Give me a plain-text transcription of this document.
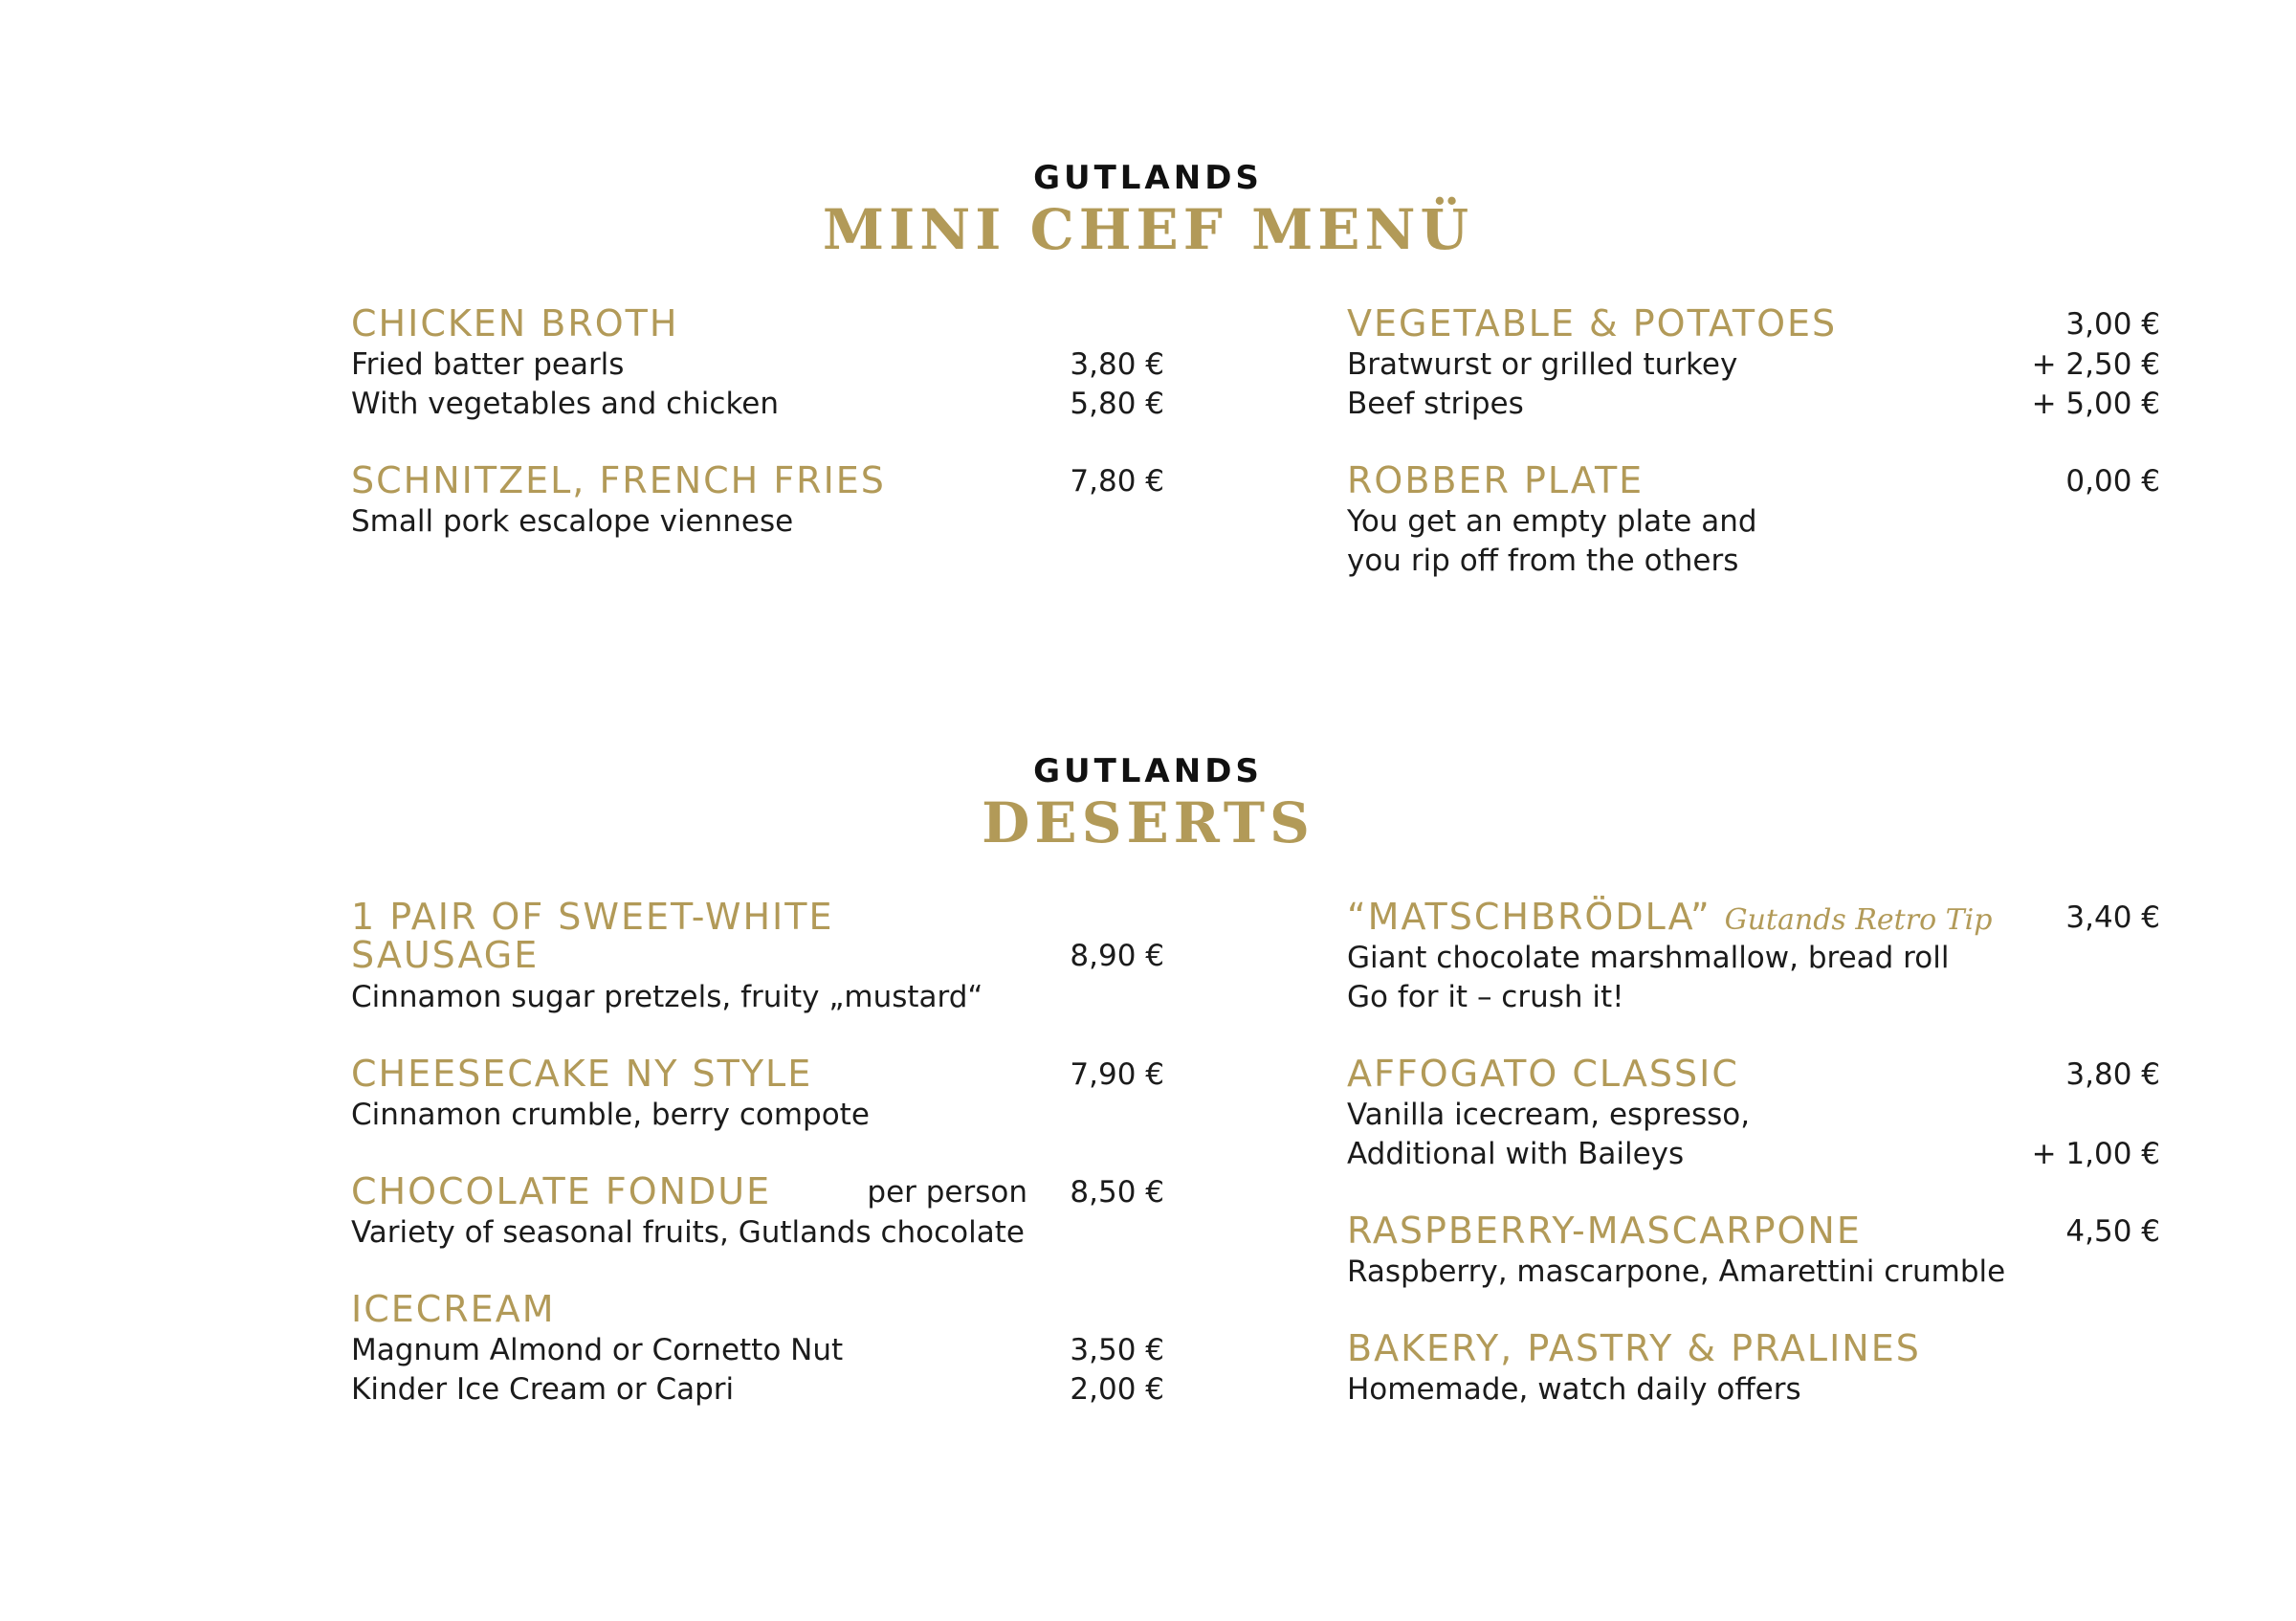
GUTLANDS
MINI CHEF MENÜ
CHICKEN BROTH
Fried batter pearls	3,80 €
With vegetables and chicken	5,80 €
SCHNITZEL, FRENCH FRIES	7,80 €
Small pork escalope viennese
VEGETABLE & POTATOES	3,00 €
Bratwurst or grilled turkey	+ 2,50 €
Beef stripes	+ 5,00 €
ROBBER PLATE	0,00 €
You get an empty plate and
you rip off from the others
GUTLANDS
DESERTS
1 PAIR OF SWEET-WHITE
SAUSAGE	8,90 €
Cinnamon sugar pretzels, fruity „mustard“
CHEESECAKE NY STYLE	7,90 €
Cinnamon crumble, berry compote
CHOCOLATE FONDUE	per person 8,50 €
Variety of seasonal fruits, Gutlands chocolate
ICECREAM
Magnum Almond or Cornetto Nut	3,50 €
Kinder Ice Cream or Capri	2,00 €
“MATSCHBRÖDLA” Gutands Retro Tip 3,40 €
Giant chocolate marshmallow, bread roll
Go for it – crush it!
AFFOGATO CLASSIC	3,80 €
Vanilla icecream, espresso,
Additional with Baileys	+ 1,00 €
RASPBERRY-MASCARPONE	4,50 €
Raspberry, mascarpone, Amarettini crumble
BAKERY, PASTRY & PRALINES
Homemade, watch daily offers
